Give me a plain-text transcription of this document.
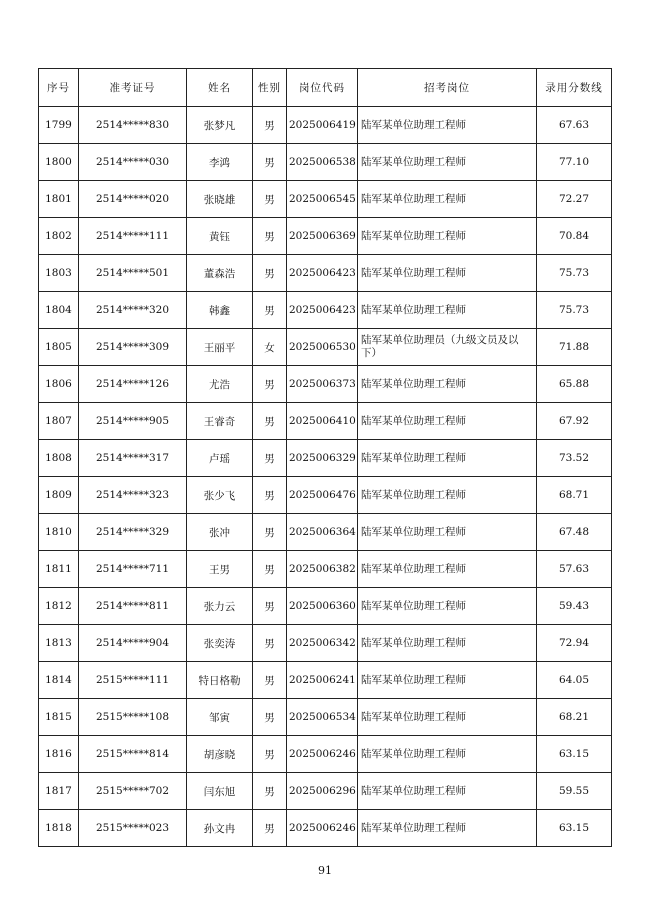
序号	准考证号	姓名	性别	岗位代码	招考岗位	录用分数线
1799	2514*****830	张梦凡	男	2025006419	陆军某单位助理工程师	67.63
1800	2514*****030	李鸿	男	2025006538	陆军某单位助理工程师	77.10
1801	2514*****020	张晓雄	男	2025006545	陆军某单位助理工程师	72.27
1802	2514*****111	黄钰	男	2025006369	陆军某单位助理工程师	70.84
1803	2514*****501	董森浩	男	2025006423	陆军某单位助理工程师	75.73
1804	2514*****320	韩鑫	男	2025006423	陆军某单位助理工程师	75.73
1805	2514*****309	王丽平	女	2025006530	陆军某单位助理员（九级文员及以下）	71.88
1806	2514*****126	尤浩	男	2025006373	陆军某单位助理工程师	65.88
1807	2514*****905	王睿奇	男	2025006410	陆军某单位助理工程师	67.92
1808	2514*****317	卢瑶	男	2025006329	陆军某单位助理工程师	73.52
1809	2514*****323	张少飞	男	2025006476	陆军某单位助理工程师	68.71
1810	2514*****329	张冲	男	2025006364	陆军某单位助理工程师	67.48
1811	2514*****711	王男	男	2025006382	陆军某单位助理工程师	57.63
1812	2514*****811	张力云	男	2025006360	陆军某单位助理工程师	59.43
1813	2514*****904	张奕涛	男	2025006342	陆军某单位助理工程师	72.94
1814	2515*****111	特日格勒	男	2025006241	陆军某单位助理工程师	64.05
1815	2515*****108	邹寅	男	2025006534	陆军某单位助理工程师	68.21
1816	2515*****814	胡彦晓	男	2025006246	陆军某单位助理工程师	63.15
1817	2515*****702	闫东旭	男	2025006296	陆军某单位助理工程师	59.55
1818	2515*****023	孙文冉	男	2025006246	陆军某单位助理工程师	63.15
91
